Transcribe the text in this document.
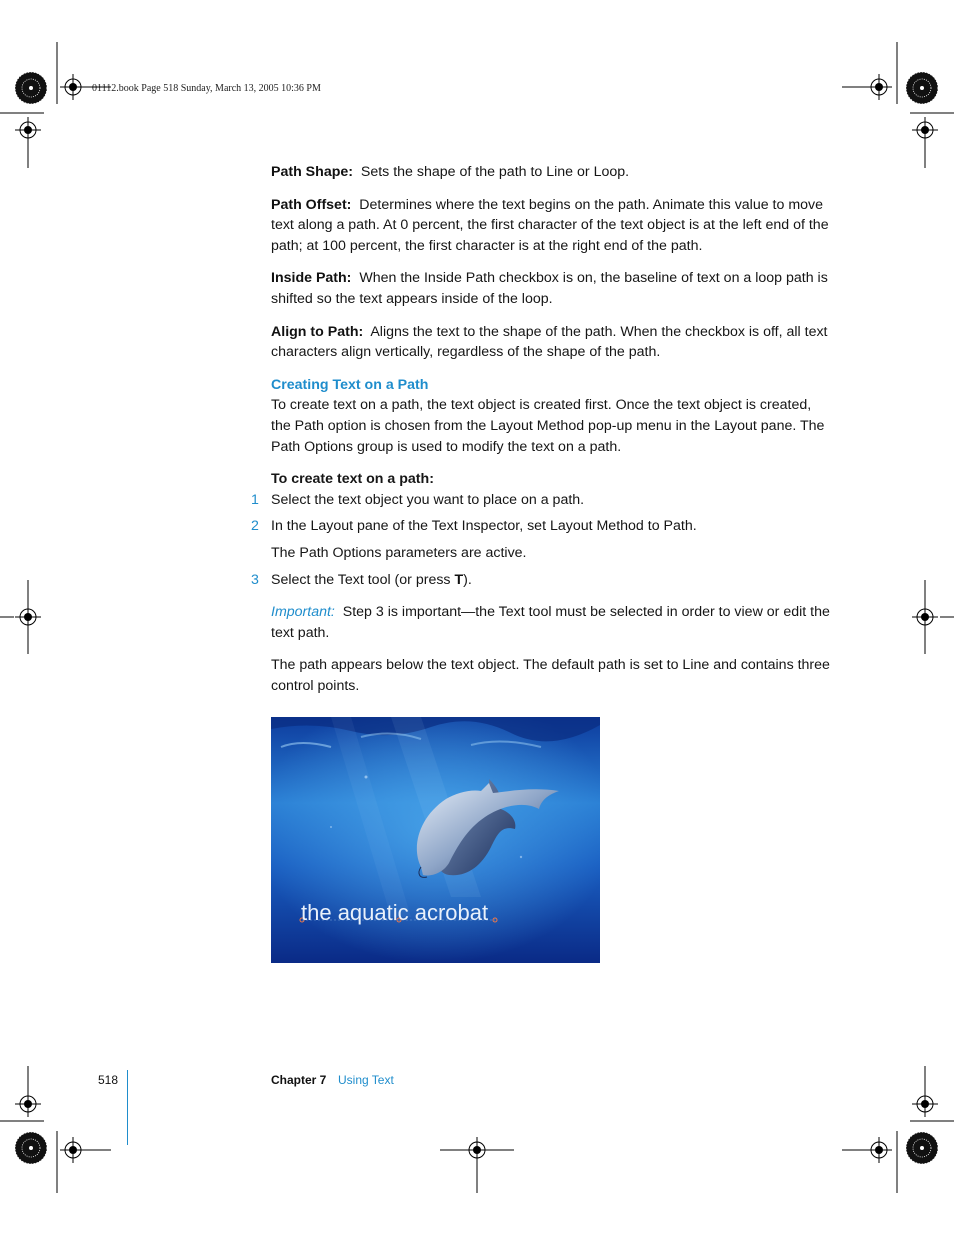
01112.book Page 518 Sunday, March 13, 2005 10:36 PM

Path Shape: Sets the shape of the path to Line or Loop.

Path Offset: Determines where the text begins on the path. Animate this value to move text along a path. At 0 percent, the first character of the text object is at the left end of the path; at 100 percent, the first character is at the right end of the path.

Inside Path: When the Inside Path checkbox is on, the baseline of text on a loop path is shifted so the text appears inside of the loop.

Align to Path: Aligns the text to the shape of the path. When the checkbox is off, all text characters align vertically, regardless of the shape of the path.

Creating Text on a Path

To create text on a path, the text object is created first. Once the text object is created, the Path option is chosen from the Layout Method pop-up menu in the Layout pane. The Path Options group is used to modify the text on a path.

To create text on a path:

1 Select the text object you want to place on a path.
2 In the Layout pane of the Text Inspector, set Layout Method to Path.

The Path Options parameters are active.

3 Select the Text tool (or press T).

Important: Step 3 is important—the Text tool must be selected in order to view or edit the text path.

The path appears below the text object. The default path is set to Line and contains three control points.

the aquatic acrobat
518	Chapter 7 Using Text
